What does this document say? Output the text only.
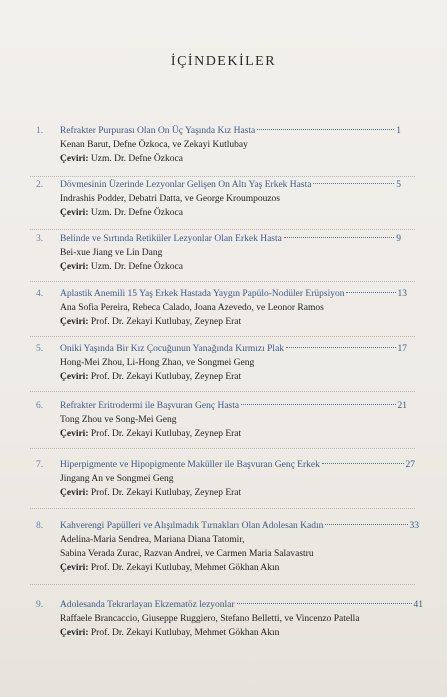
İÇİNDEKİLER
1. Refrakter Purpurası Olan On Üç Yaşında Kız Hasta	1
Kenan Barut, Defne Özkoca, ve Zekayi Kutlubay
Çeviri: Uzm. Dr. Defne Özkoca
2. Dövmesinin Üzerinde Lezyonlar Gelişen On Altı Yaş Erkek Hasta	5
Indrashis Podder, Debatri Datta, ve George Kroumpouzos
Çeviri: Uzm. Dr. Defne Özkoca
3. Belinde ve Sırtında Retiküler Lezyonlar Olan Erkek Hasta	9
Bei-xue Jiang ve Lin Dang
Çeviri: Uzm. Dr. Defne Özkoca
4. Aplastik Anemili 15 Yaş Erkek Hastada Yaygın Papülo-Nodüler Erüpsiyon	13
Ana Sofia Pereira, Rebeca Calado, Joana Azevedo, ve Leonor Ramos
Çeviri: Prof. Dr. Zekayi Kutlubay, Zeynep Erat
5. Oniki Yaşında Bir Kız Çocuğunun Yanağında Kırmızı Plak	17
Hong-Mei Zhou, Li-Hong Zhao, ve Songmei Geng
Çeviri: Prof. Dr. Zekayi Kutlubay, Zeynep Erat
6. Refrakter Eritrodermi ile Başvuran Genç Hasta	21
Tong Zhou ve Song-Mei Geng
Çeviri: Prof. Dr. Zekayi Kutlubay, Zeynep Erat
7. Hiperpigmente ve Hipopigmente Maküller ile Başvuran Genç Erkek	27
Jingang An ve Songmei Geng
Çeviri: Prof. Dr. Zekayi Kutlubay, Zeynep Erat
8. Kahverengi Papülleri ve Alışılmadık Tırnakları Olan Adolesan Kadın	33
Adelina-Maria Sendrea, Mariana Diana Tatomir,
Sabina Verada Zurac, Razvan Andrei, ve Carmen Maria Salavastru
Çeviri: Prof. Dr. Zekayi Kutlubay, Mehmet Gökhan Akın
9. Adolesanda Tekrarlayan Ekzematöz lezyonlar	41
Raffaele Brancaccio, Giuseppe Ruggiero, Stefano Belletti, ve Vincenzo Patella
Çeviri: Prof. Dr. Zekayi Kutlubay, Mehmet Gökhan Akın
